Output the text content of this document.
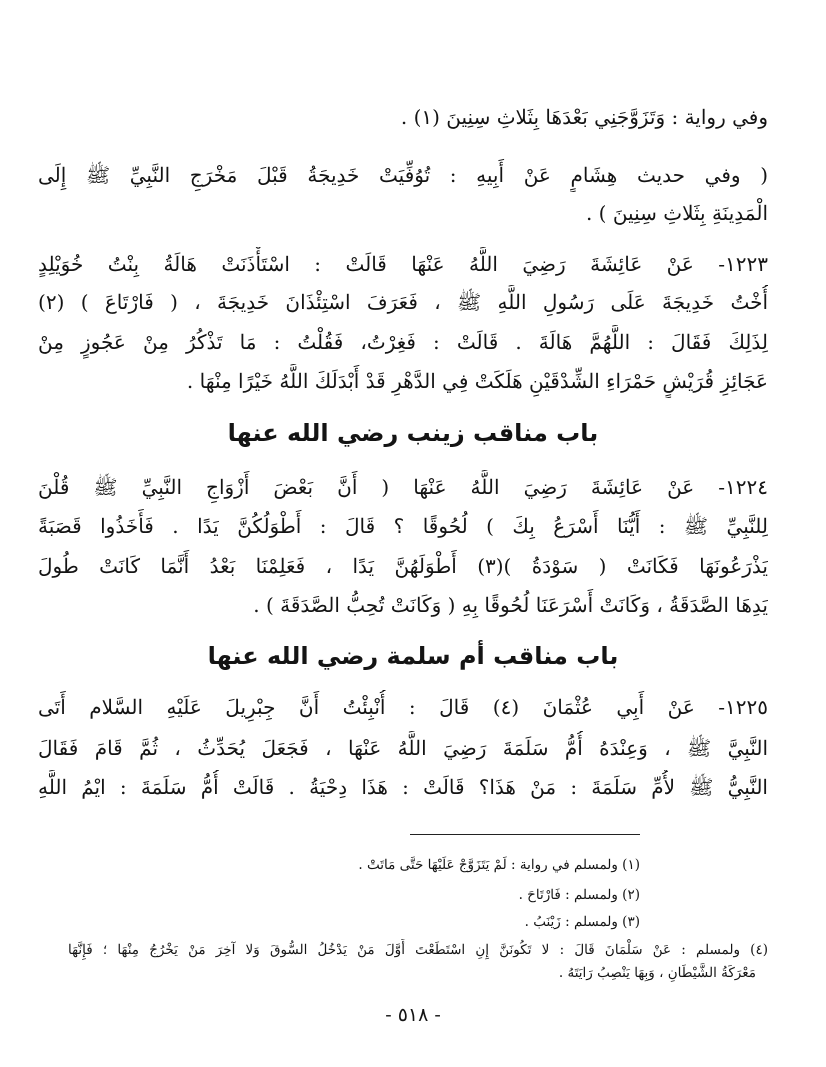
وفي رواية : وَتَزَوَّجَنِي بَعْدَهَا بِثَلاثِ سِنِينَ (١) .
( وفي حديث هِشَامٍ عَنْ أَبِيهِ : تُوُفِّيَتْ خَدِيجَةُ قَبْلَ مَخْرَجِ النَّبِيِّ ﷺ إِلَى
الْمَدِينَةِ بِثَلاثِ سِنِينَ ) .
١٢٢٣- عَنْ عَائِشَةَ رَضِيَ اللَّهُ عَنْهَا قَالَتْ : اسْتَأْذَنَتْ هَالَةُ بِنْتُ خُوَيْلِدٍ
أُخْتُ خَدِيجَةَ عَلَى رَسُولِ اللَّهِ ﷺ ، فَعَرَفَ اسْتِئْذَانَ خَدِيجَةَ ، ( فَارْتَاعَ ) (٢)
لِذَلِكَ فَقَالَ : اللَّهُمَّ هَالَةَ . قَالَتْ : فَغِرْتُ، فَقُلْتُ : مَا تَذْكُرُ مِنْ عَجُوزٍ مِنْ
عَجَائِزِ قُرَيْشٍ حَمْرَاءِ الشِّدْقَيْنِ هَلَكَتْ فِي الدَّهْرِ قَدْ أَبْدَلَكَ اللَّهُ خَيْرًا مِنْهَا .
باب مناقب زينب رضي الله عنها
١٢٢٤- عَنْ عَائِشَةَ رَضِيَ اللَّهُ عَنْهَا ( أَنَّ بَعْضَ أَزْوَاجِ النَّبِيِّ ﷺ قُلْنَ
لِلنَّبِيِّ ﷺ : أَيُّنَا أَسْرَعُ بِكَ ) لُحُوقًا ؟ قَالَ : أَطْوَلُكُنَّ يَدًا . فَأَخَذُوا قَصَبَةً
يَذْرَعُونَهَا فَكَانَتْ ( سَوْدَةُ )(٣) أَطْوَلَهُنَّ يَدًا ، فَعَلِمْنَا بَعْدُ أَنَّمَا كَانَتْ طُولَ
يَدِهَا الصَّدَقَةُ ، وَكَانَتْ أَسْرَعَنَا لُحُوقًا بِهِ ( وَكَانَتْ تُحِبُّ الصَّدَقَةَ ) .
باب مناقب أم سلمة رضي الله عنها
١٢٢٥- عَنْ أَبِي عُثْمَانَ (٤) قَالَ : أُنْبِئْتُ أَنَّ جِبْرِيلَ عَلَيْهِ السَّلام أَتَى
النَّبِيَّ ﷺ ، وَعِنْدَهُ أُمُّ سَلَمَةَ رَضِيَ اللَّهُ عَنْهَا ، فَجَعَلَ يُحَدِّثُ ، ثُمَّ قَامَ فَقَالَ
النَّبِيُّ ﷺ لأُمِّ سَلَمَةَ : مَنْ هَذَا؟ قَالَتْ : هَذَا دِحْيَةُ . قَالَتْ أُمُّ سَلَمَةَ : ايْمُ اللَّهِ
(١) ولمسلم في رواية : لَمْ يَتَزَوَّجْ عَلَيْهَا حَتَّى مَاتَتْ .
(٢) ولمسلم : فَارْتَاحَ .
(٣) ولمسلم : زَيْنَبُ .
(٤) ولمسلم : عَنْ سَلْمَانَ قَالَ : لا تَكُونَنَّ إِنِ اسْتَطَعْتَ أَوَّلَ مَنْ يَدْخُلُ السُّوقَ وَلا آخِرَ مَنْ يَخْرُجُ مِنْهَا ؛ فَإِنَّهَا
مَعْرَكَةُ الشَّيْطَانِ ، وَبِهَا يَنْصِبُ رَايَتَهُ .
- ٥١٨ -
